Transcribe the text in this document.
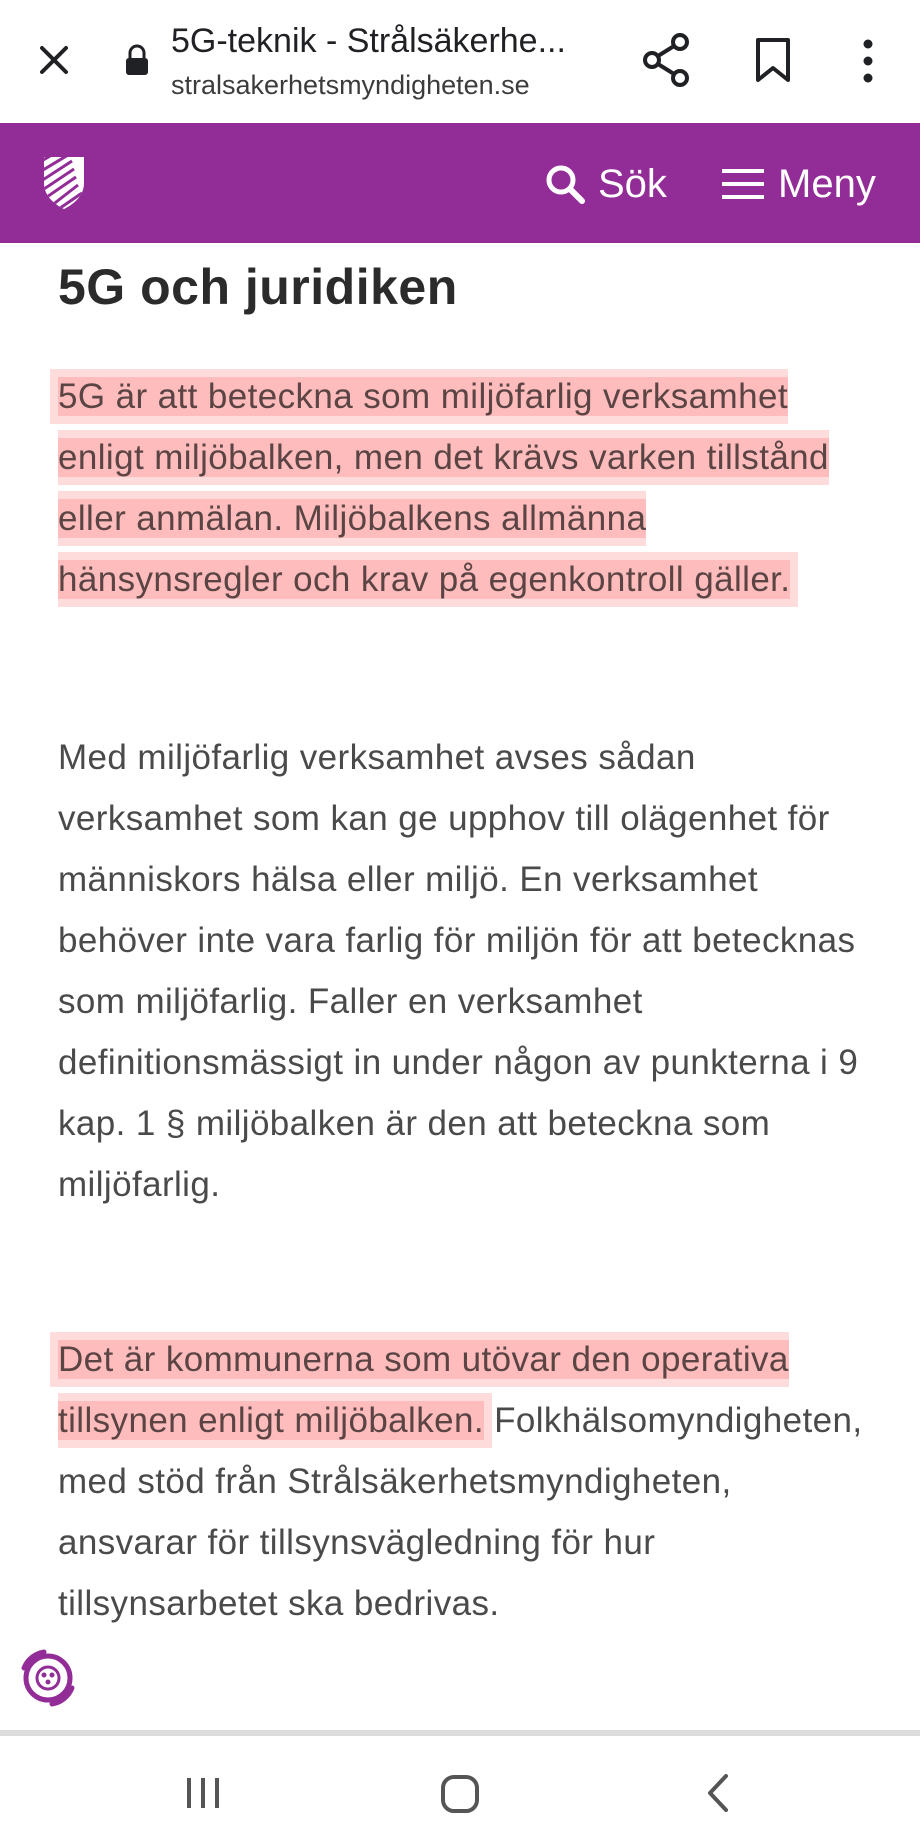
5G-teknik - Strålsäkerhe...
stralsakerhetsmyndigheten.se
Sök	Meny
5G och juridiken

5G är att beteckna som miljöfarlig verksamhet enligt miljöbalken, men det krävs varken tillstånd eller anmälan. Miljöbalkens allmänna hänsynsregler och krav på egenkontroll gäller.

Med miljöfarlig verksamhet avses sådan verksamhet som kan ge upphov till olägenhet för människors hälsa eller miljö. En verksamhet behöver inte vara farlig för miljön för att betecknas som miljöfarlig. Faller en verksamhet definitionsmässigt in under någon av punkterna i 9 kap. 1 § miljöbalken är den att beteckna som miljöfarlig.

Det är kommunerna som utövar den operativa tillsynen enligt miljöbalken. Folkhälsomyndigheten, med stöd från Strålsäkerhetsmyndigheten, ansvarar för tillsynsvägledning för hur tillsynsarbetet ska bedrivas.
